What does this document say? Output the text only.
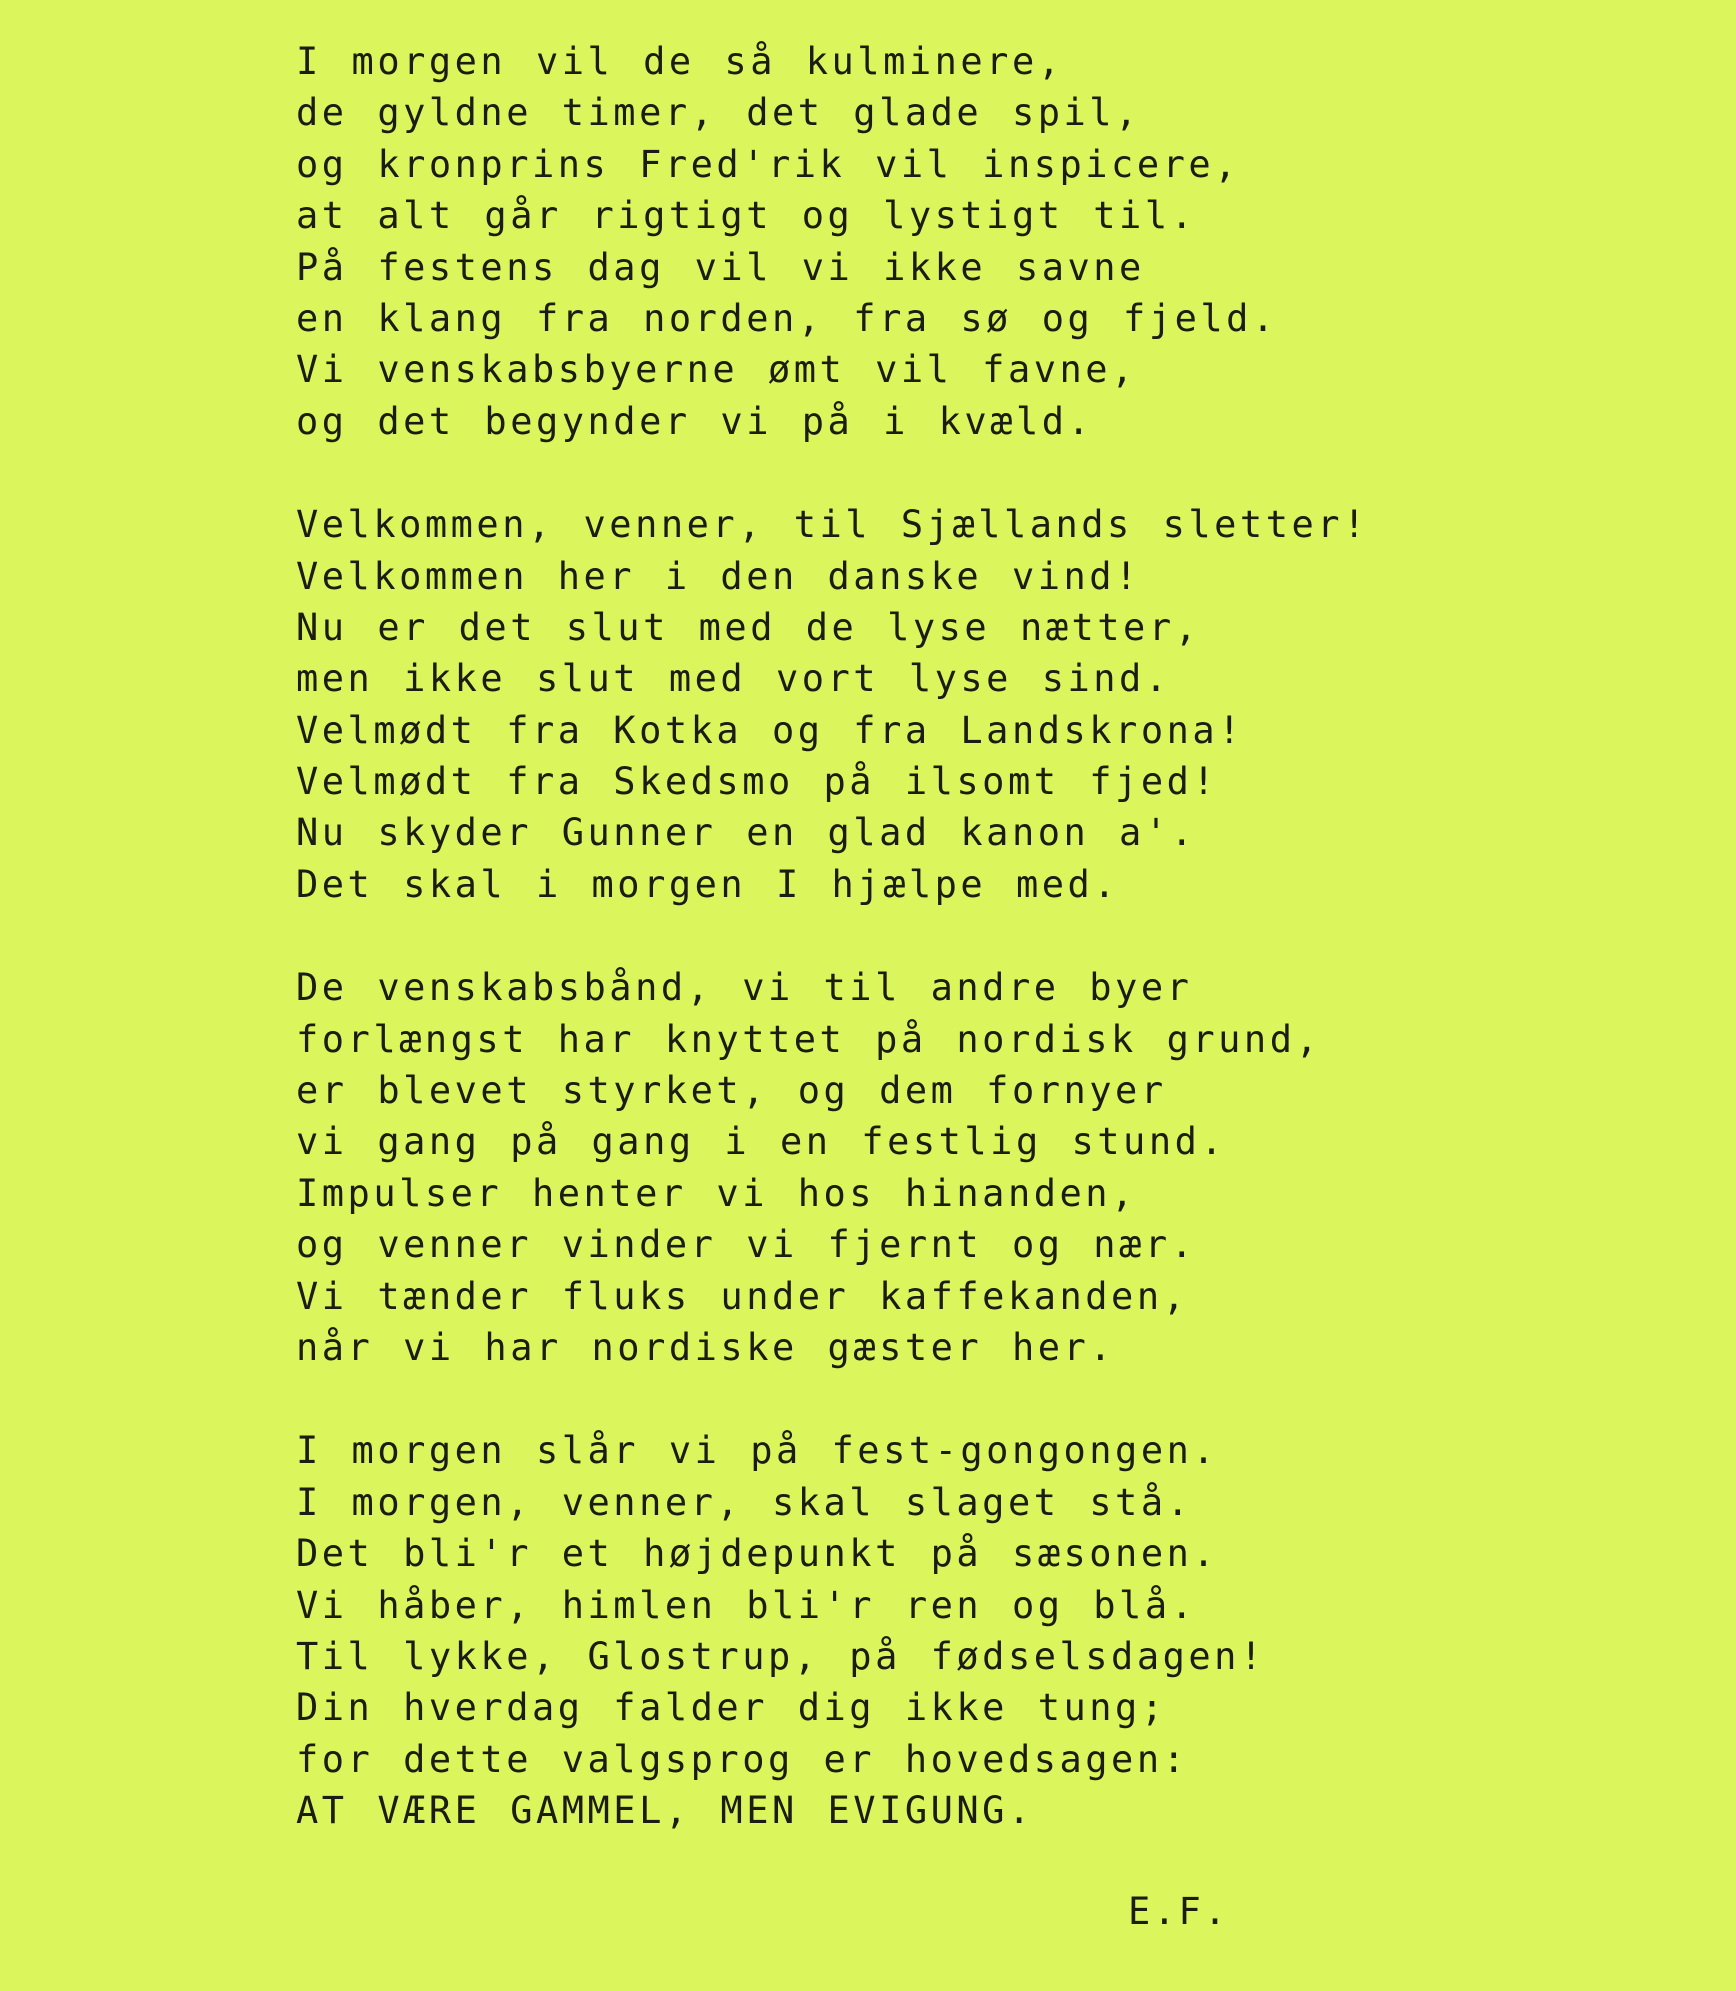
I morgen vil de så kulminere,
de gyldne timer, det glade spil,
og kronprins Fred'rik vil inspicere,
at alt går rigtigt og lystigt til.
På festens dag vil vi ikke savne
en klang fra norden, fra sø og fjeld.
Vi venskabsbyerne ømt vil favne,
og det begynder vi på i kvæld.
Velkommen, venner, til Sjællands sletter!
Velkommen her i den danske vind!
Nu er det slut med de lyse nætter,
men ikke slut med vort lyse sind.
Velmødt fra Kotka og fra Landskrona!
Velmødt fra Skedsmo på ilsomt fjed!
Nu skyder Gunner en glad kanon a'.
Det skal i morgen I hjælpe med.
De venskabsbånd, vi til andre byer
forlængst har knyttet på nordisk grund,
er blevet styrket, og dem fornyer
vi gang på gang i en festlig stund.
Impulser henter vi hos hinanden,
og venner vinder vi fjernt og nær.
Vi tænder fluks under kaffekanden,
når vi har nordiske gæster her.
I morgen slår vi på fest-gongongen.
I morgen, venner, skal slaget stå.
Det bli'r et højdepunkt på sæsonen.
Vi håber, himlen bli'r ren og blå.
Til lykke, Glostrup, på fødselsdagen!
Din hverdag falder dig ikke tung;
for dette valgsprog er hovedsagen:
AT VÆRE GAMMEL, MEN EVIGUNG.
E.F.
